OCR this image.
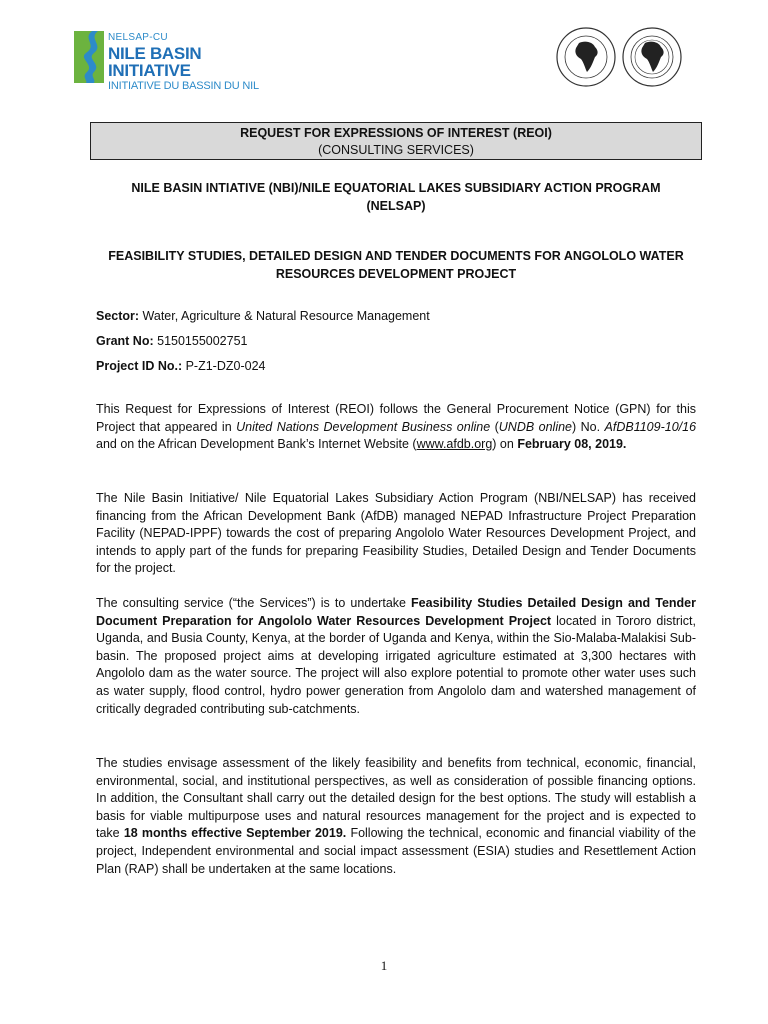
NELSAP-CU
NILE BASIN INITIATIVE
INITIATIVE DU BASSIN DU NIL
REQUEST FOR EXPRESSIONS OF INTEREST (REOI)
(CONSULTING SERVICES)
NILE BASIN INTIATIVE (NBI)/NILE EQUATORIAL LAKES SUBSIDIARY ACTION PROGRAM
(NELSAP)
FEASIBILITY STUDIES, DETAILED DESIGN AND TENDER DOCUMENTS FOR ANGOLOLO WATER
RESOURCES DEVELOPMENT PROJECT
Sector: Water, Agriculture & Natural Resource Management
Grant No: 5150155002751
Project ID No.: P-Z1-DZ0-024
This Request for Expressions of Interest (REOI) follows the General Procurement Notice (GPN) for this Project that appeared in United Nations Development Business online (UNDB online) No. AfDB1109-10/16 and on the African Development Bank’s Internet Website (www.afdb.org) on February 08, 2019.
The Nile Basin Initiative/ Nile Equatorial Lakes Subsidiary Action Program (NBI/NELSAP) has received financing from the African Development Bank (AfDB) managed NEPAD Infrastructure Project Preparation Facility (NEPAD-IPPF) towards the cost of preparing Angololo Water Resources Development Project, and intends to apply part of the funds for preparing Feasibility Studies, Detailed Design and Tender Documents for the project.
The consulting service (“the Services”) is to undertake Feasibility Studies Detailed Design and Tender Document Preparation for Angololo Water Resources Development Project located in Tororo district, Uganda, and Busia County, Kenya, at the border of Uganda and Kenya, within the Sio-Malaba-Malakisi Sub-basin. The proposed project aims at developing irrigated agriculture estimated at 3,300 hectares with Angololo dam as the water source. The project will also explore potential to promote other water uses such as water supply, flood control, hydro power generation from Angololo dam and watershed management of critically degraded contributing sub-catchments.
The studies envisage assessment of the likely feasibility and benefits from technical, economic, financial, environmental, social, and institutional perspectives, as well as consideration of possible financing options. In addition, the Consultant shall carry out the detailed design for the best options. The study will establish a basis for viable multipurpose uses and natural resources management for the project and is expected to take 18 months effective September 2019. Following the technical, economic and financial viability of the project, Independent environmental and social impact assessment (ESIA) studies and Resettlement Action Plan (RAP) shall be undertaken at the same locations.
1
